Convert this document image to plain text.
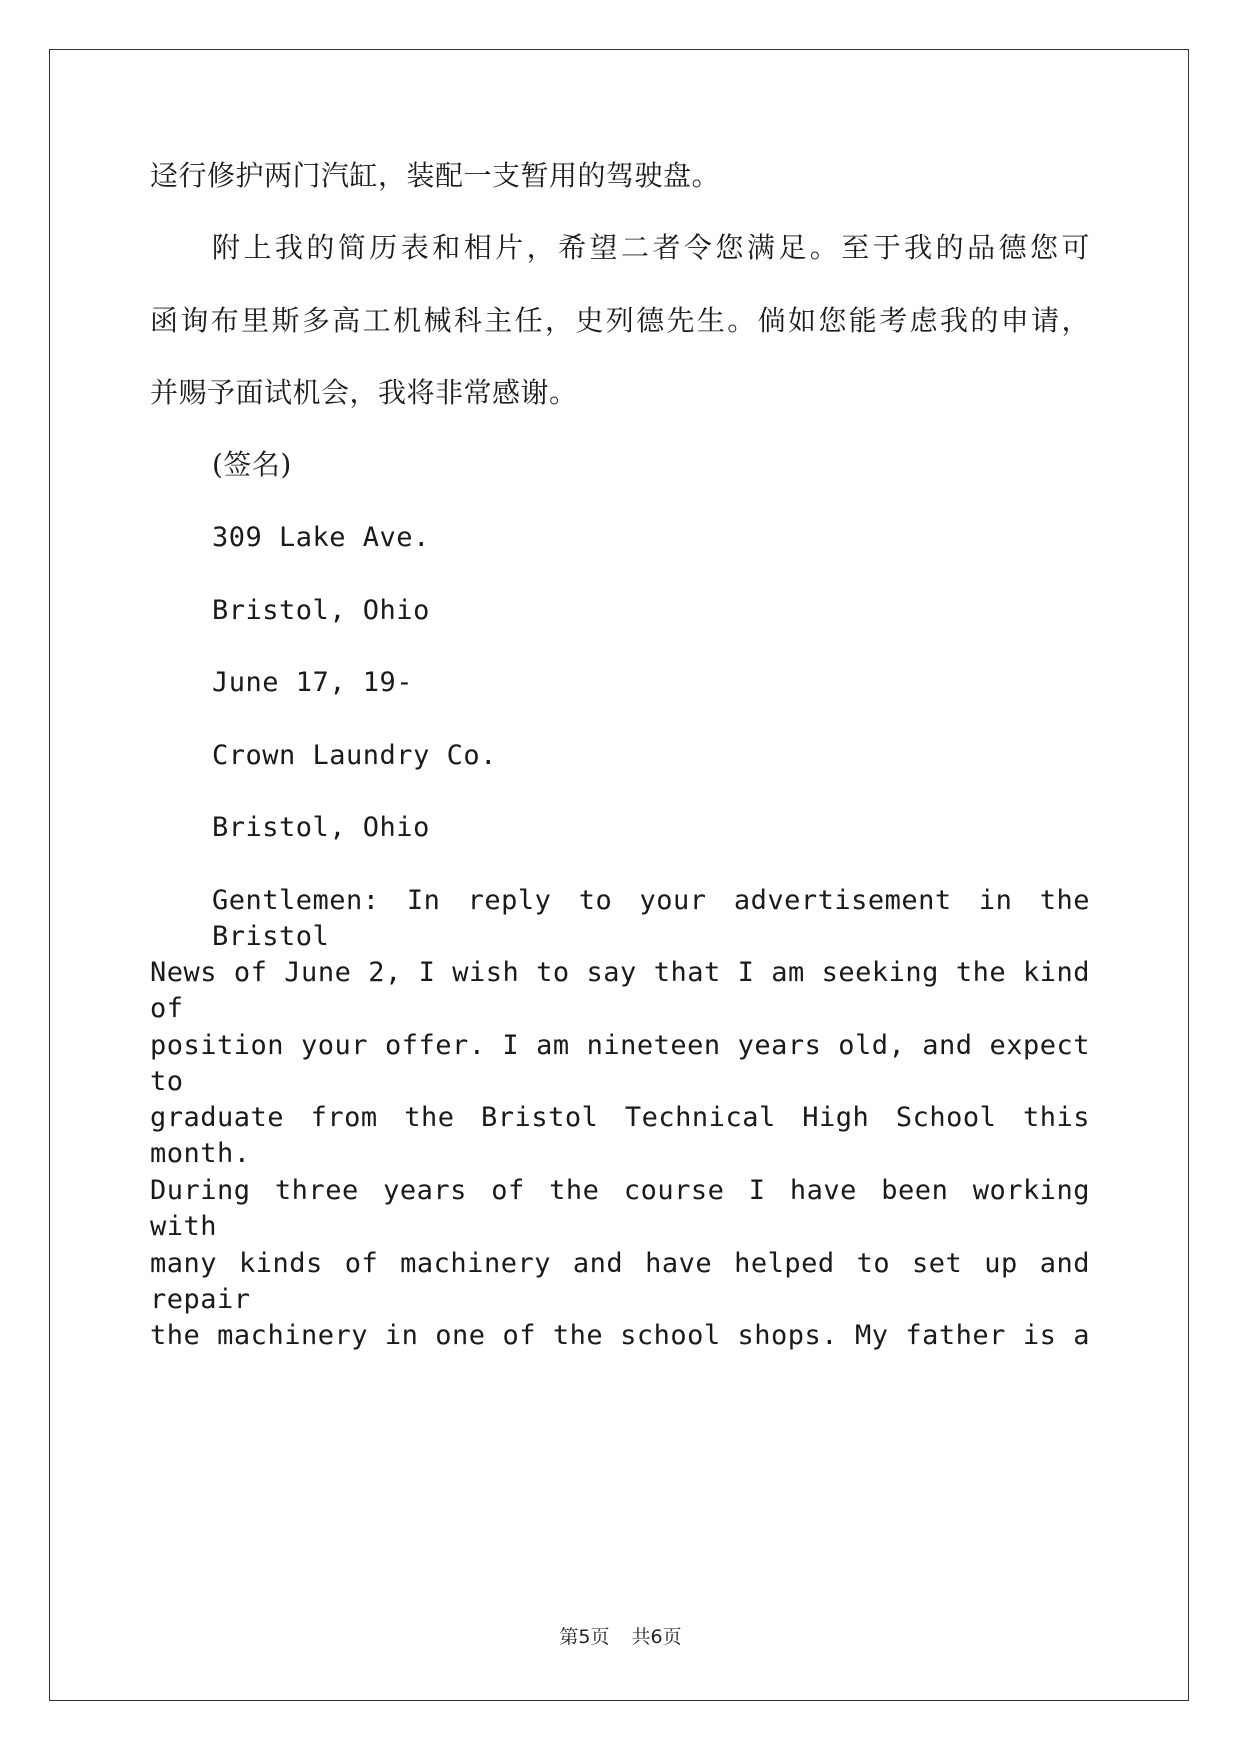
迳行修护两门汽缸，装配一支暂用的驾驶盘。
附上我的简历表和相片，希望二者令您满足。至于我的品德您可
函询布里斯多高工机械科主任，史列德先生。倘如您能考虑我的申请，
并赐予面试机会，我将非常感谢。
(签名)
309 Lake Ave.
Bristol, Ohio
June 17, 19-
Crown Laundry Co.
Bristol, Ohio
Gentlemen: In reply to your advertisement in the Bristol
News of June 2, I wish to say that I am seeking the kind of
position your offer. I am nineteen years old, and expect to
graduate from the Bristol Technical High School this month.
During three years of the course I have been working with
many kinds of machinery and have helped to set up and repair
the machinery in one of the school shops. My father is a
第5页 共6页
